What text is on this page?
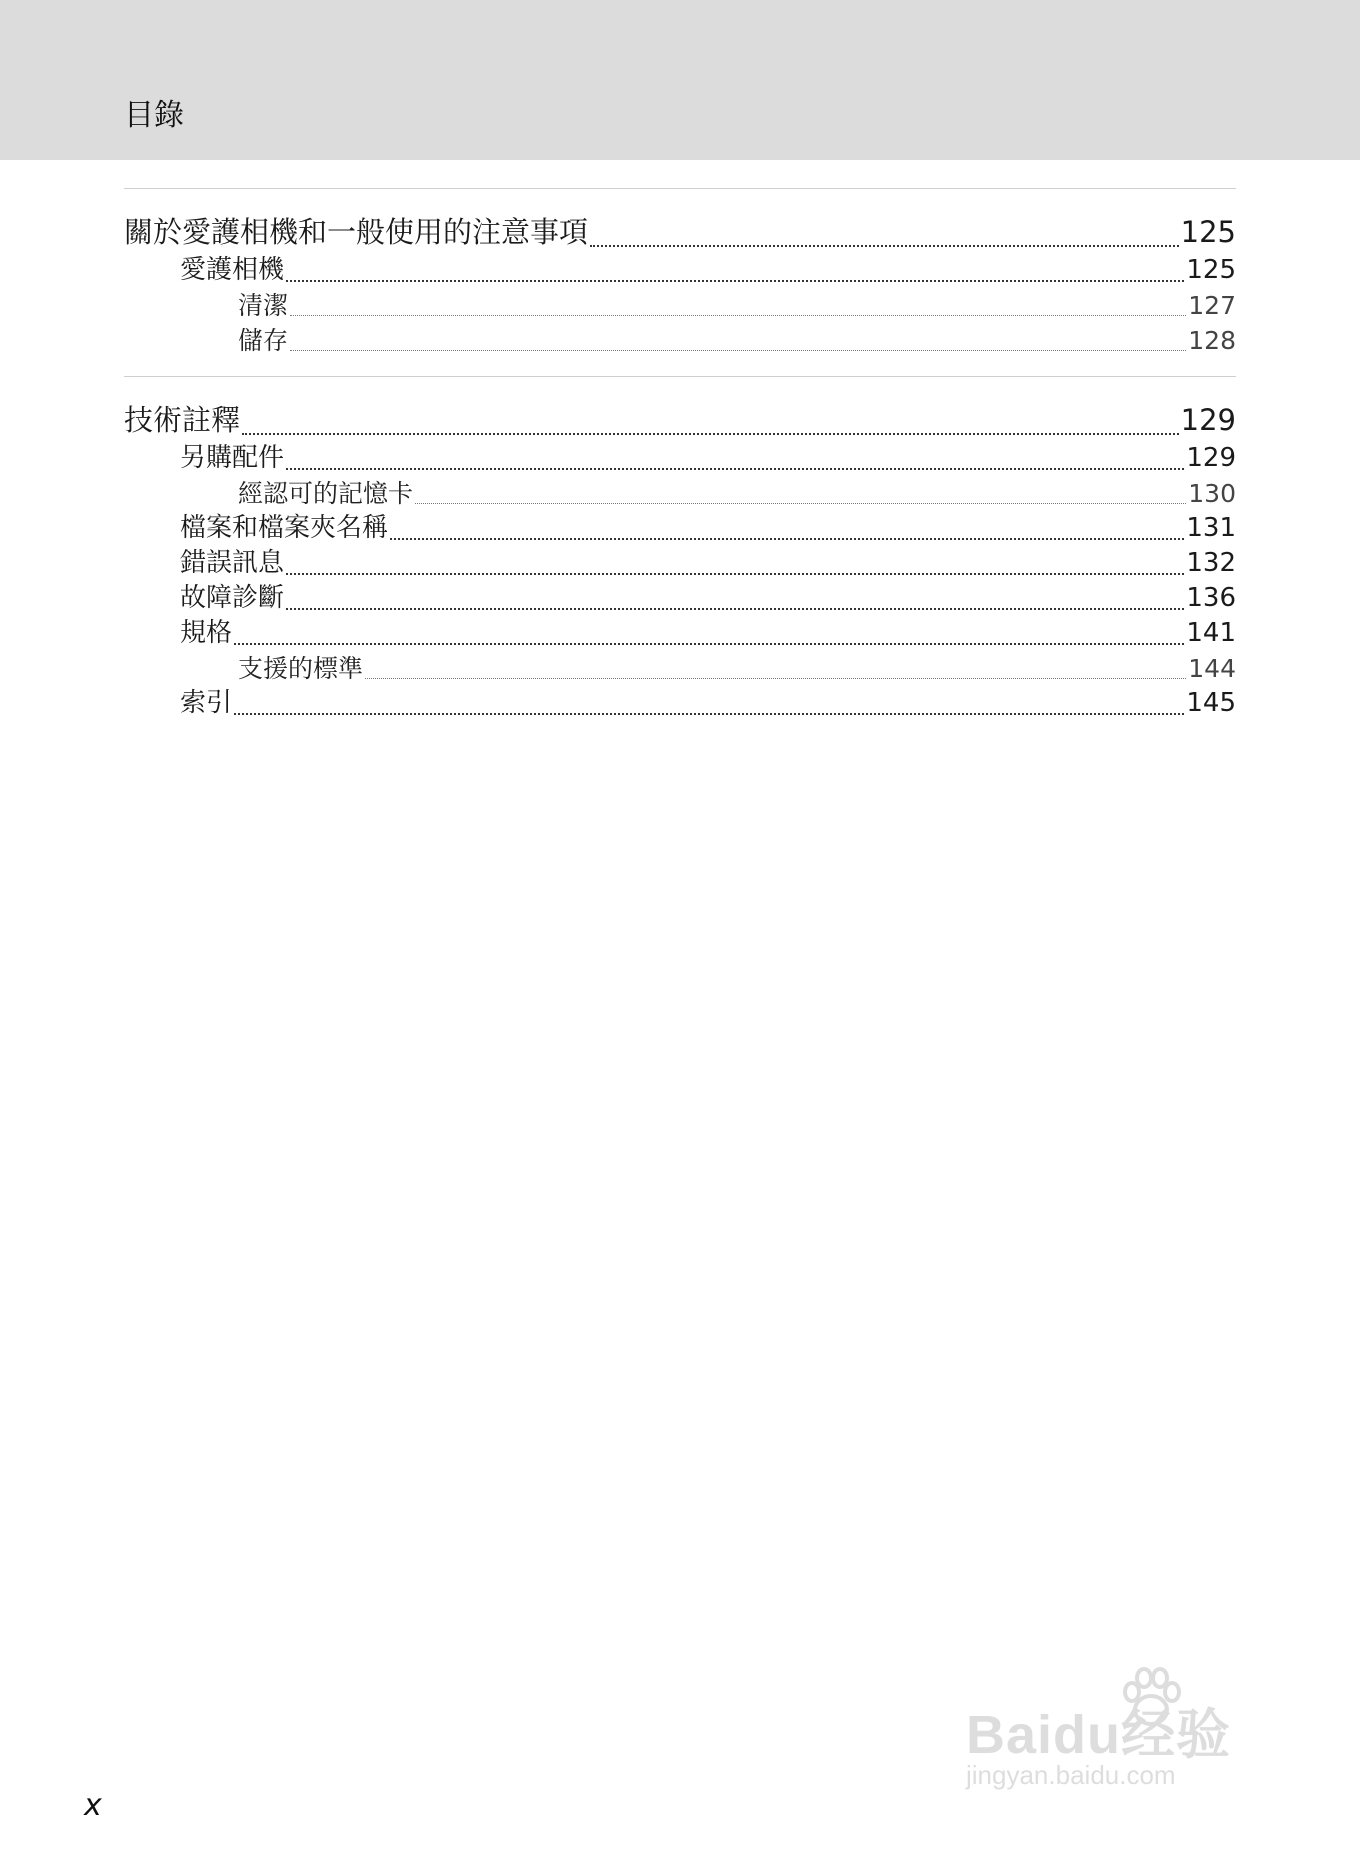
目錄
關於愛護相機和一般使用的注意事項	125
愛護相機	125
清潔	127
儲存	128
技術註釋	129
另購配件	129
經認可的記憶卡	130
檔案和檔案夾名稱	131
錯誤訊息	132
故障診斷	136
規格	141
支援的標準	144
索引	145
x
Baidu经验
jingyan.baidu.com
